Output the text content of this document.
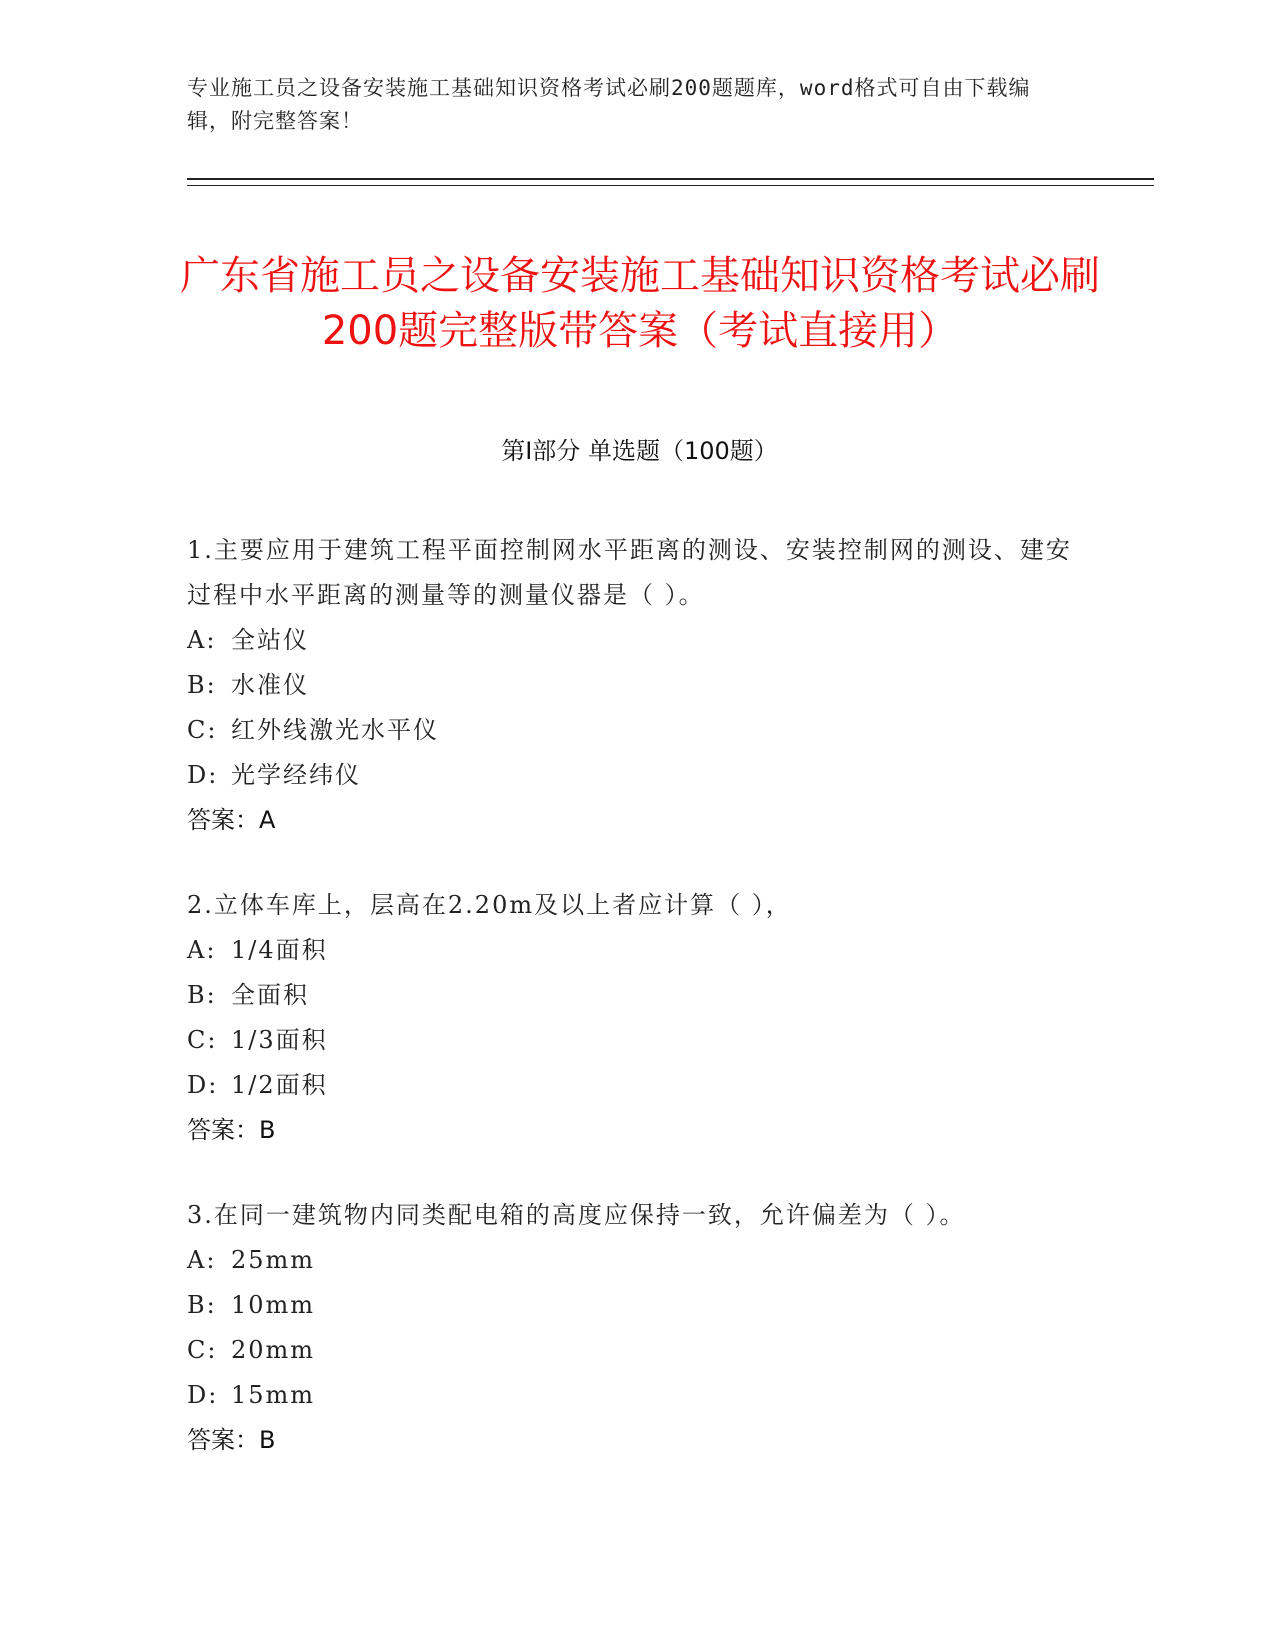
专业施工员之设备安装施工基础知识资格考试必刷200题题库，word格式可自由下载编辑，附完整答案！
广东省施工员之设备安装施工基础知识资格考试必刷200题完整版带答案（考试直接用）
第Ⅰ部分 单选题（100题）
1.主要应用于建筑工程平面控制网水平距离的测设、安装控制网的测设、建安过程中水平距离的测量等的测量仪器是（ ）。
A: 全站仪
B: 水准仪
C: 红外线激光水平仪
D: 光学经纬仪
答案：A
2.立体车库上，层高在2.20m及以上者应计算（ ），
A: 1/4面积
B: 全面积
C: 1/3面积
D: 1/2面积
答案：B
3.在同一建筑物内同类配电箱的高度应保持一致，允许偏差为（ ）。
A: 25mm
B: 10mm
C: 20mm
D: 15mm
答案：B
